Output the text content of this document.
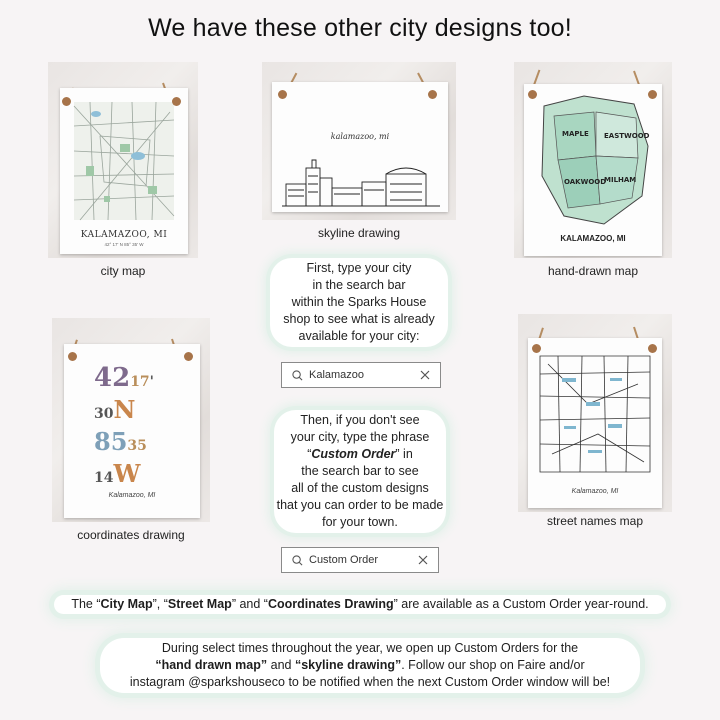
We have these other city designs too!
KALAMAZOO, MI
42° 17' N 85° 35' W
city map
kalamazoo, mi
skyline drawing
MAPLE EASTWOOD
OAKWOOD
MILHAM
KALAMAZOO, MI
hand-drawn map
First, type your city
in the search bar
within the Sparks House
shop to see what is already
available for your city:
Kalamazoo
Then, if you don't see
your city, type the phrase
“Custom Order” in
the search bar to see
all of the custom designs
that you can order to be made
for your town.
Custom Order
4217'
30N
8535
14W
Kalamazoo, MI
coordinates drawing
Kalamazoo, MI
street names map
The “City Map”, “Street Map” and “Coordinates Drawing” are available as a Custom Order year-round.
During select times throughout the year, we open up Custom Orders for the
“hand drawn map” and “skyline drawing”. Follow our shop on Faire and/or
instagram @sparkshouseco to be notified when the next Custom Order window will be!
